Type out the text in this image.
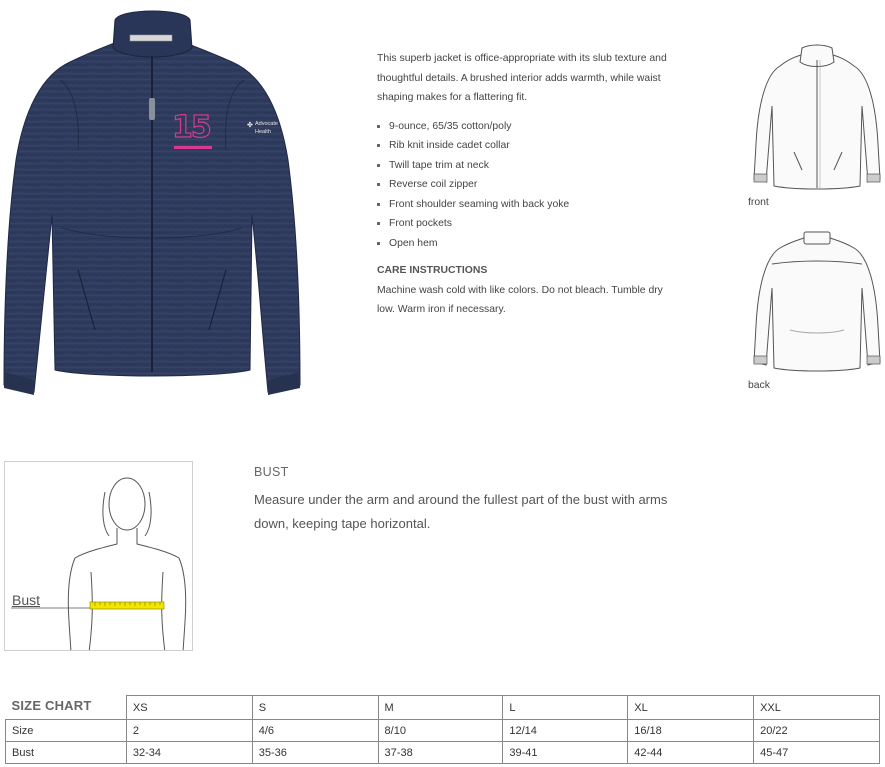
15	✤ Advocate
Health

This superb jacket is office-appropriate with its slub texture and thoughtful details. A brushed interior adds warmth, while waist shaping makes for a flattering fit.

9-ounce, 65/35 cotton/poly
Rib knit inside cadet collar
Twill tape trim at neck
Reverse coil zipper
Front shoulder seaming with back yoke
Front pockets
Open hem
CARE INSTRUCTIONS

Machine wash cold with like colors. Do not bleach. Tumble dry low. Warm iron if necessary.

front
back
Bust
BUST
Measure under the arm and around the fullest part of the bust with arms down, keeping tape horizontal.
SIZE CHART	XS	S	M	L	XL	XXL
Size	2	4/6	8/10	12/14	16/18	20/22
Bust	32-34	35-36	37-38	39-41	42-44	45-47
